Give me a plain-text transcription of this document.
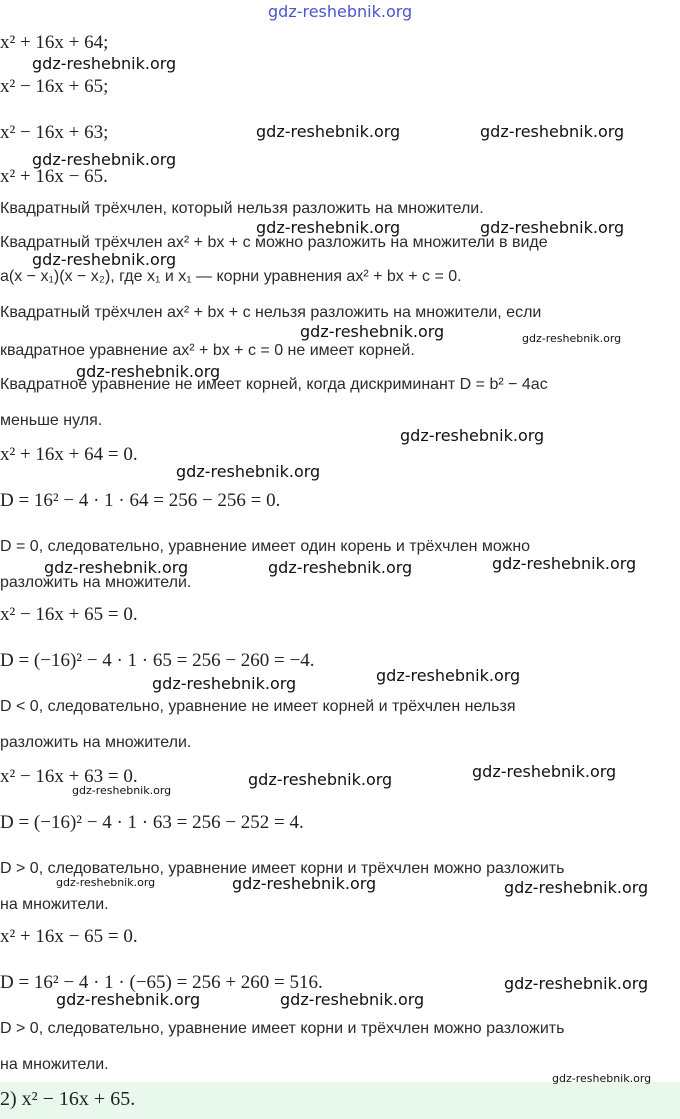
gdz-reshebnik.org
gdz-reshebnik.org
gdz-reshebnik.org	gdz-reshebnik.org
gdz-reshebnik.org
gdz-reshebnik.org	gdz-reshebnik.org
gdz-reshebnik.org
gdz-reshebnik.org	gdz-reshebnik.org
gdz-reshebnik.org
gdz-reshebnik.org
gdz-reshebnik.org
gdz-reshebnik.org	gdz-reshebnik.org	gdz-reshebnik.org
gdz-reshebnik.org
gdz-reshebnik.org
gdz-reshebnik.org	gdz-reshebnik.org
gdz-reshebnik.org
gdz-reshebnik.org	gdz-reshebnik.org	gdz-reshebnik.org
gdz-reshebnik.org
gdz-reshebnik.org	gdz-reshebnik.org
gdz-reshebnik.org
x² + 16x + 64;
x² − 16x + 65;
x² − 16x + 63;
x² + 16x − 65.
Квадратный трёхчлен, который нельзя разложить на множители.
Квадратный трёхчлен ax² + bx + c можно разложить на множители в виде
a(x − x₁)(x − x₂), где x₁ и x₁ — корни уравнения ax² + bx + c = 0.
Квадратный трёхчлен ax² + bx + c нельзя разложить на множители, если
квадратное уравнение ax² + bx + c = 0 не имеет корней.
Квадратное уравнение не имеет корней, когда дискриминант D = b² − 4ac
меньше нуля.
x² + 16x + 64 = 0.
D = 16² − 4 · 1 · 64 = 256 − 256 = 0.
D = 0, следовательно, уравнение имеет один корень и трёхчлен можно
разложить на множители.
x² − 16x + 65 = 0.
D = (−16)² − 4 · 1 · 65 = 256 − 260 = −4.
D < 0, следовательно, уравнение не имеет корней и трёхчлен нельзя
разложить на множители.
x² − 16x + 63 = 0.
D = (−16)² − 4 · 1 · 63 = 256 − 252 = 4.
D > 0, следовательно, уравнение имеет корни и трёхчлен можно разложить
на множители.
x² + 16x − 65 = 0.
D = 16² − 4 · 1 · (−65) = 256 + 260 = 516.
D > 0, следовательно, уравнение имеет корни и трёхчлен можно разложить
на множители.
2) x² − 16x + 65.
